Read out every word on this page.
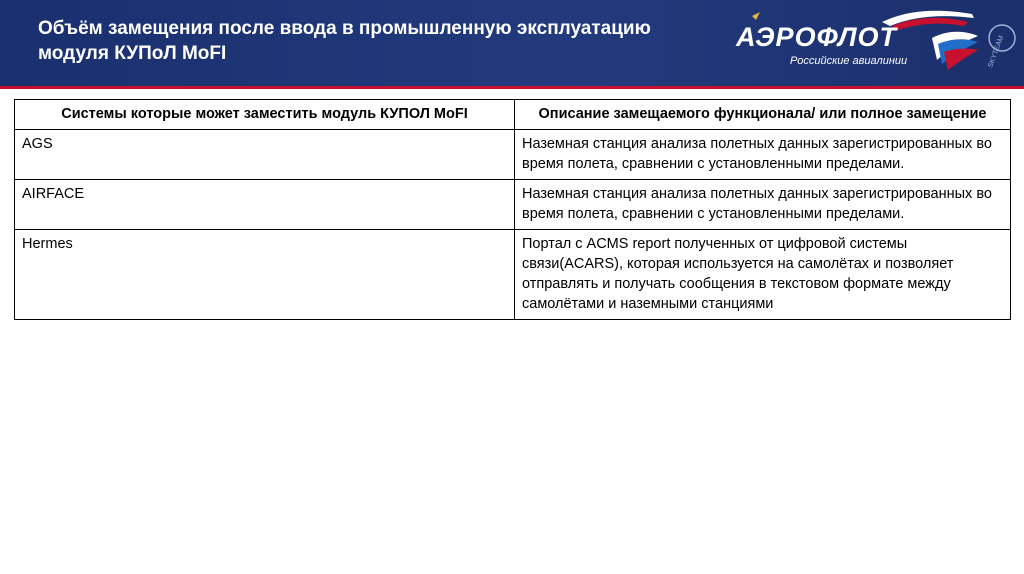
Объём замещения после ввода в промышленную эксплуатацию
модуля КУПоЛ MoFI	SKYTEAM
АЭРОФЛОТ
Российские авиалинии
Системы которые может заместить модуль КУПОЛ MoFI	Описание замещаемого функционала/ или полное замещение
AGS	Наземная станция анализа полетных данных зарегистрированных во время полета, сравнении с установленными пределами.
AIRFACE	Наземная станция анализа полетных данных зарегистрированных во время полета, сравнении с установленными пределами.
Hermes	Портал с ACMS report полученных от цифровой системы связи(ACARS), которая используется на самолётах и позволяет отправлять и получать сообщения в текстовом формате между самолётами и наземными станциями
